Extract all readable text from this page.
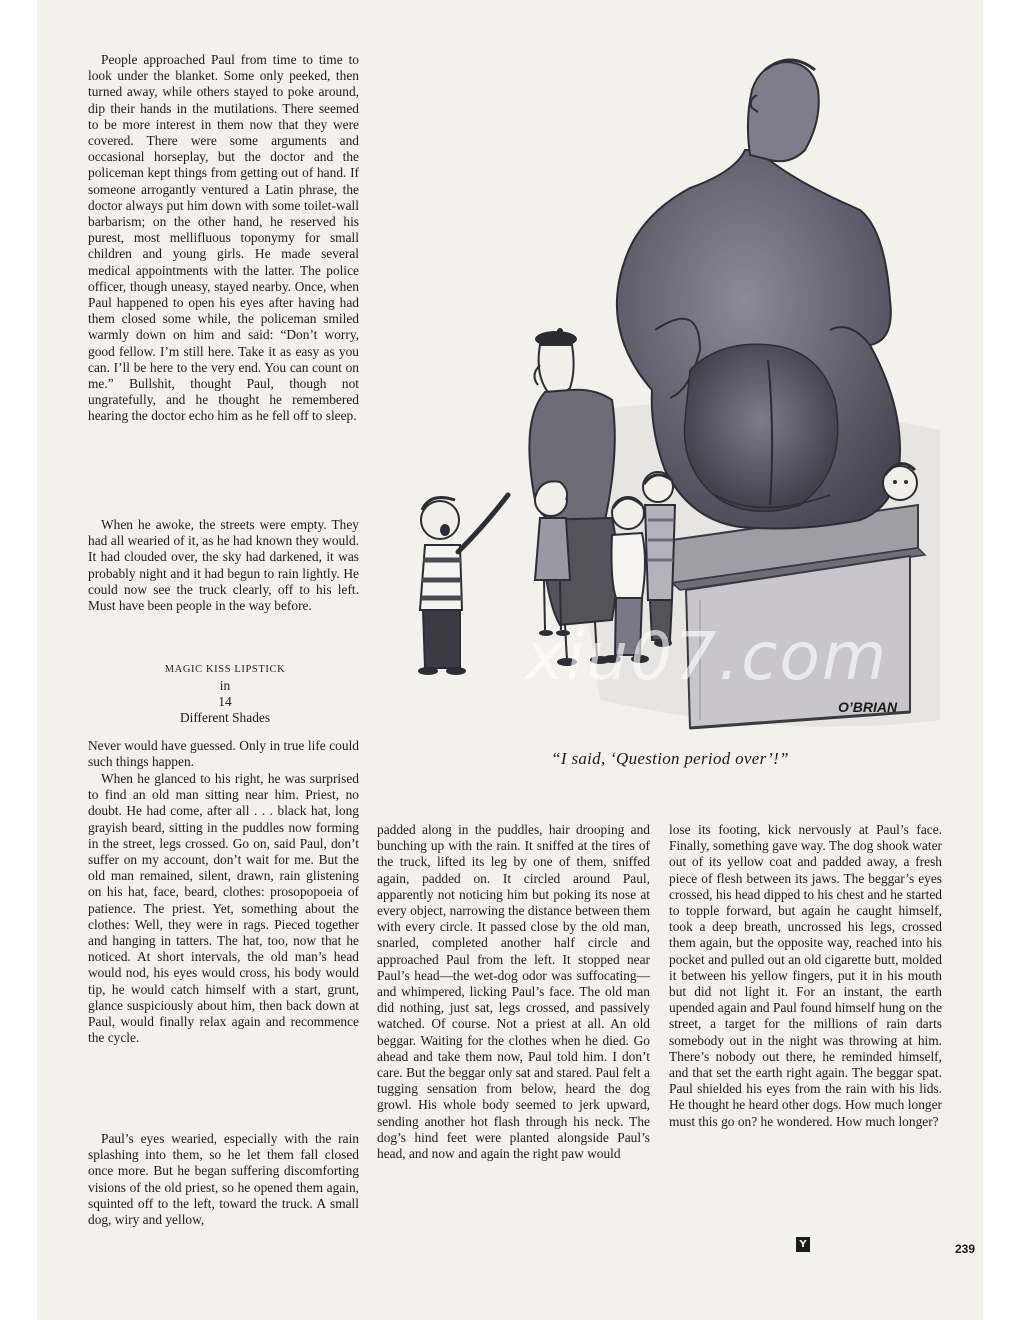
People approached Paul from time to time to look under the blanket. Some only peeked, then turned away, while others stayed to poke around, dip their hands in the mutilations. There seemed to be more interest in them now that they were covered. There were some arguments and occasional horseplay, but the doctor and the policeman kept things from getting out of hand. If someone arrogantly ventured a Latin phrase, the doctor always put him down with some toilet-wall barbarism; on the other hand, he reserved his purest, most mellifluous toponymy for small children and young girls. He made several medical appointments with the latter. The police officer, though uneasy, stayed nearby. Once, when Paul happened to open his eyes after having had them closed some while, the policeman smiled warmly down on him and said: “Don’t worry, good fellow. I’m still here. Take it as easy as you can. I’ll be here to the very end. You can count on me.” Bullshit, thought Paul, though not ungratefully, and he thought he remembered hearing the doctor echo him as he fell off to sleep.

When he awoke, the streets were empty. They had all wearied of it, as he had known they would. It had clouded over, the sky had darkened, it was probably night and it had begun to rain lightly. He could now see the truck clearly, off to his left. Must have been people in the way before.

MAGIC KISS LIPSTICK
in
14
Different Shades

Never would have guessed. Only in true life could such things happen.

When he glanced to his right, he was surprised to find an old man sitting near him. Priest, no doubt. He had come, after all . . . black hat, long grayish beard, sitting in the puddles now forming in the street, legs crossed. Go on, said Paul, don’t suffer on my account, don’t wait for me. But the old man remained, silent, drawn, rain glistening on his hat, face, beard, clothes: prosopopoeia of patience. The priest. Yet, something about the clothes: Well, they were in rags. Pieced together and hanging in tatters. The hat, too, now that he noticed. At short intervals, the old man’s head would nod, his eyes would cross, his body would tip, he would catch himself with a start, grunt, glance suspiciously about him, then back down at Paul, would finally relax again and recommence the cycle.

Paul’s eyes wearied, especially with the rain splashing into them, so he let them fall closed once more. But he began suffering discomforting visions of the old priest, so he opened them again, squinted off to the left, toward the truck. A small dog, wiry and yellow,

padded along in the puddles, hair drooping and bunching up with the rain. It sniffed at the tires of the truck, lifted its leg by one of them, sniffed again, padded on. It circled around Paul, apparently not noticing him but poking its nose at every object, narrowing the distance between them with every circle. It passed close by the old man, snarled, completed another half circle and approached Paul from the left. It stopped near Paul’s head—the wet-dog odor was suffocating—and whimpered, licking Paul’s face. The old man did nothing, just sat, legs crossed, and passively watched. Of course. Not a priest at all. An old beggar. Waiting for the clothes when he died. Go ahead and take them now, Paul told him. I don’t care. But the beggar only sat and stared. Paul felt a tugging sensation from below, heard the dog growl. His whole body seemed to jerk upward, sending another hot flash through his neck. The dog’s hind feet were planted alongside Paul’s head, and now and again the right paw would

lose its footing, kick nervously at Paul’s face. Finally, something gave way. The dog shook water out of its yellow coat and padded away, a fresh piece of flesh between its jaws. The beggar’s eyes crossed, his head dipped to his chest and he started to topple forward, but again he caught himself, took a deep breath, uncrossed his legs, crossed them again, but the opposite way, reached into his pocket and pulled out an old cigarette butt, molded it between his yellow fingers, put it in his mouth but did not light it. For an instant, the earth upended again and Paul found himself hung on the street, a target for the millions of rain darts somebody out in the night was throwing at him. There’s nobody out there, he reminded himself, and that set the earth right again. The beggar spat. Paul shielded his eyes from the rain with his lids. He thought he heard other dogs. How much longer must this go on? he wondered. How much longer?

O’BRIAN
xiu07.com
“I said, ‘Question period over’!”
Y	239
